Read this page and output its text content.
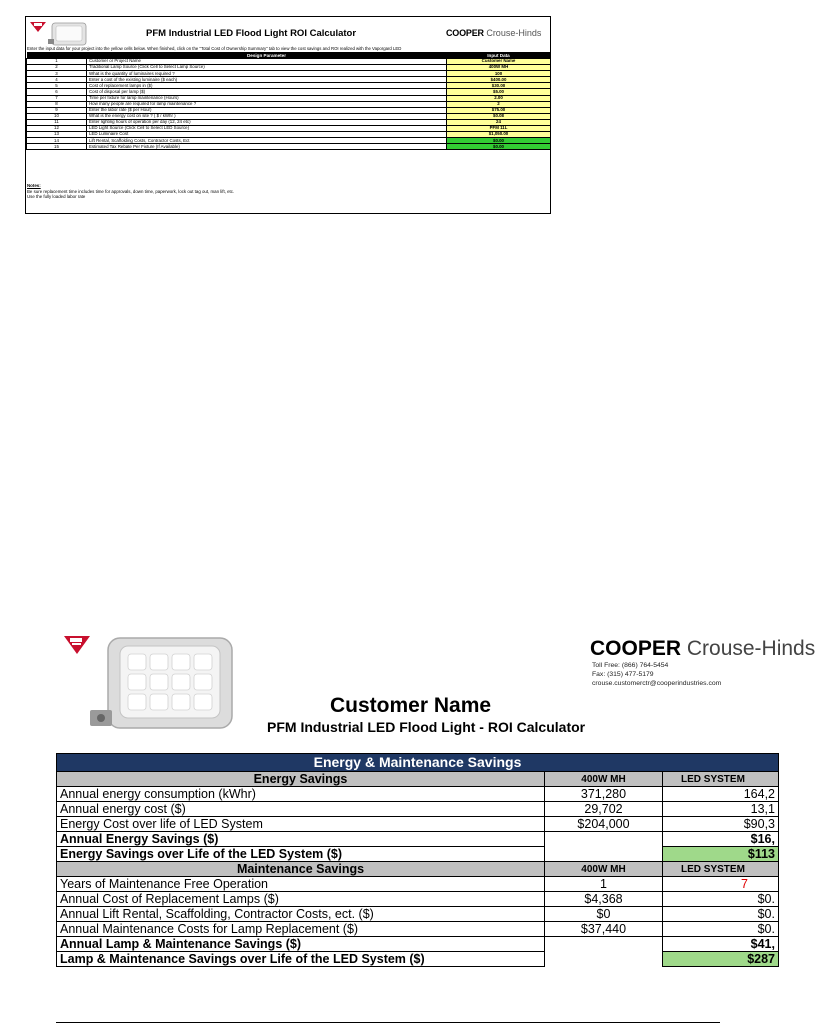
PFM Industrial LED Flood Light ROI Calculator	COOPER Crouse-Hinds
Enter the input data for your project into the yellow cells below. When finished, click on the "Total Cost of Ownership Summary" tab to view the cost savings and ROI realized with the Vaporgard LED
	Design Parameter	Input Data
1	Customer or Project Name	Customer Name
2	Traditional Lamp Source (Click Cell to Select Lamp Source)	400W MH
3	What is the quantity of luminaires required ?	100
4	Enter a cost of the existing luminaire ($ each)	$400.00
5	Cost of replacement lamps in ($)	$30.00
6	Cost of disposal per lamp ($)	$5.00
7	Time per fixture for lamp maintenance (Hours)	2.00
8	How many people are required for lamp maintenance ?	2
9	Enter the labor rate ($ per Hour)	$75.00
10	What is the energy cost on site ? ( $ / kWhr )	$0.08
11	Enter lighting hours of operation per day (12, 24 etc)	24
12	LED Light Source (Click Cell to Select LED Source)	PFM 11L
13	LED Luminaire Cost	$1,050.00
14	Lift Rental, Scaffolding Costs, Contractor Costs, Ect	$0.00
15	Estimated Tax Rebate Per Fixture (If Available)	$0.00
Notes:
Be sure replacement time includes time for approvals, down time, paperwork, lock out tag out, man lift, etc.
Use the fully loaded labor rate
COOPER Crouse-Hinds
Toll Free: (866) 764-5454
Fax: (315) 477-5179
crouse.customerctr@cooperindustries.com
Customer Name
PFM Industrial LED Flood Light - ROI Calculator
Energy & Maintenance Savings		
Energy Savings	400W MH	LED SYSTEM
Annual energy consumption (kWhr)	371,280	164,2
Annual energy cost ($)	29,702	13,1
Energy Cost over life of LED System	$204,000	$90,3
Annual Energy Savings ($)		$16,
Energy Savings over Life of the LED System ($)		$113
Maintenance Savings	400W MH	LED SYSTEM
Years of Maintenance Free Operation	1	7
Annual Cost of Replacement Lamps ($)	$4,368	$0.
Annual Lift Rental, Scaffolding, Contractor Costs, ect. ($)	$0	$0.
Annual Maintenance Costs for Lamp Replacement ($)	$37,440	$0.
Annual Lamp & Maintenance Savings ($)		$41,
Lamp & Maintenance Savings over Life of the LED System ($)		$287
